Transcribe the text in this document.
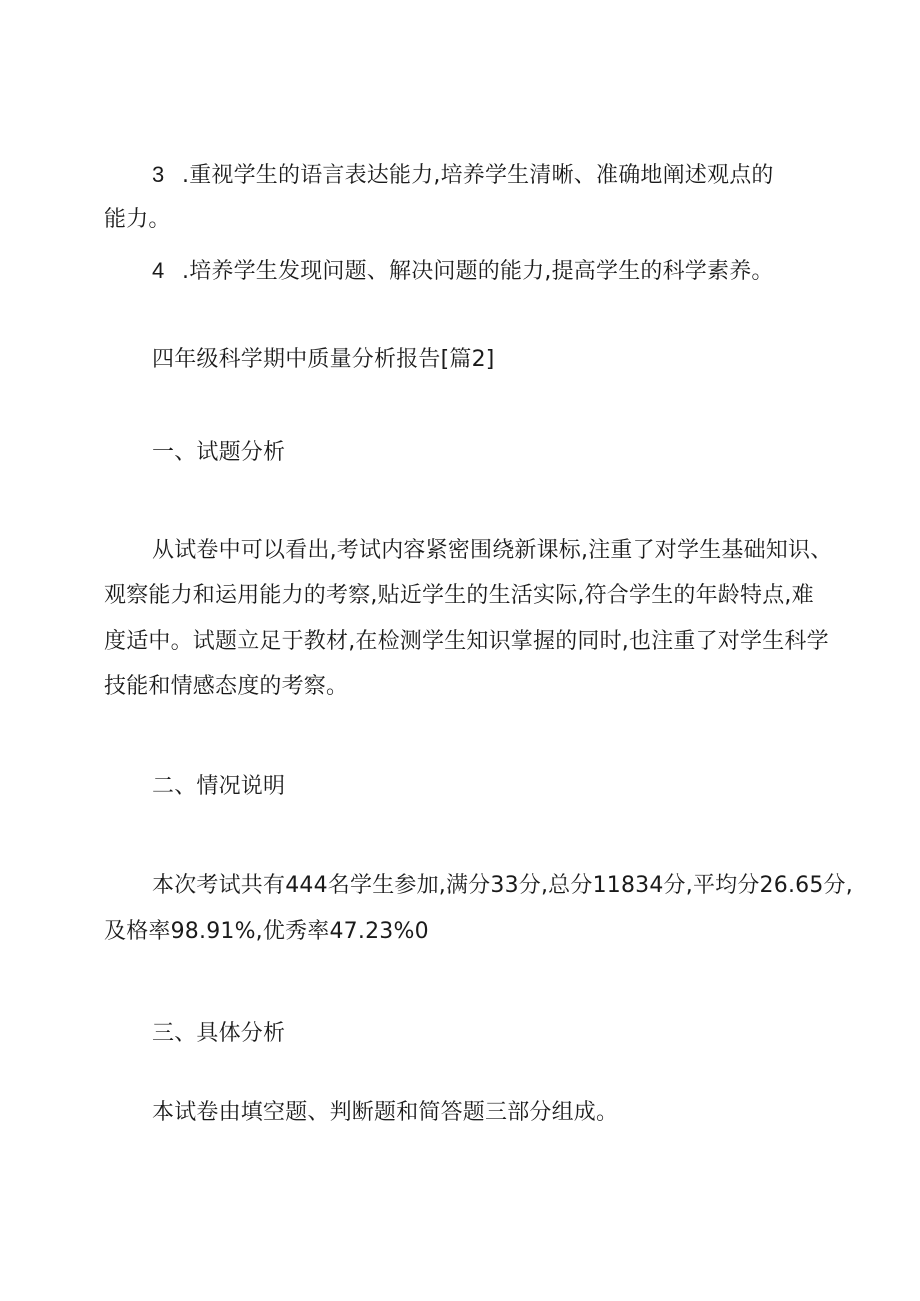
3 .重视学生的语言表达能力,培养学生清晰、准确地阐述观点的
能力。
4 .培养学生发现问题、解决问题的能力,提高学生的科学素养。
四年级科学期中质量分析报告[篇2]
一、试题分析
从试卷中可以看出,考试内容紧密围绕新课标,注重了对学生基础知识、
观察能力和运用能力的考察,贴近学生的生活实际,符合学生的年龄特点,难
度适中。试题立足于教材,在检测学生知识掌握的同时,也注重了对学生科学
技能和情感态度的考察。
二、情况说明
本次考试共有444名学生参加,满分33分,总分11834分,平均分26.65分,
及格率98.91%,优秀率47.23%0
三、具体分析
本试卷由填空题、判断题和简答题三部分组成。
